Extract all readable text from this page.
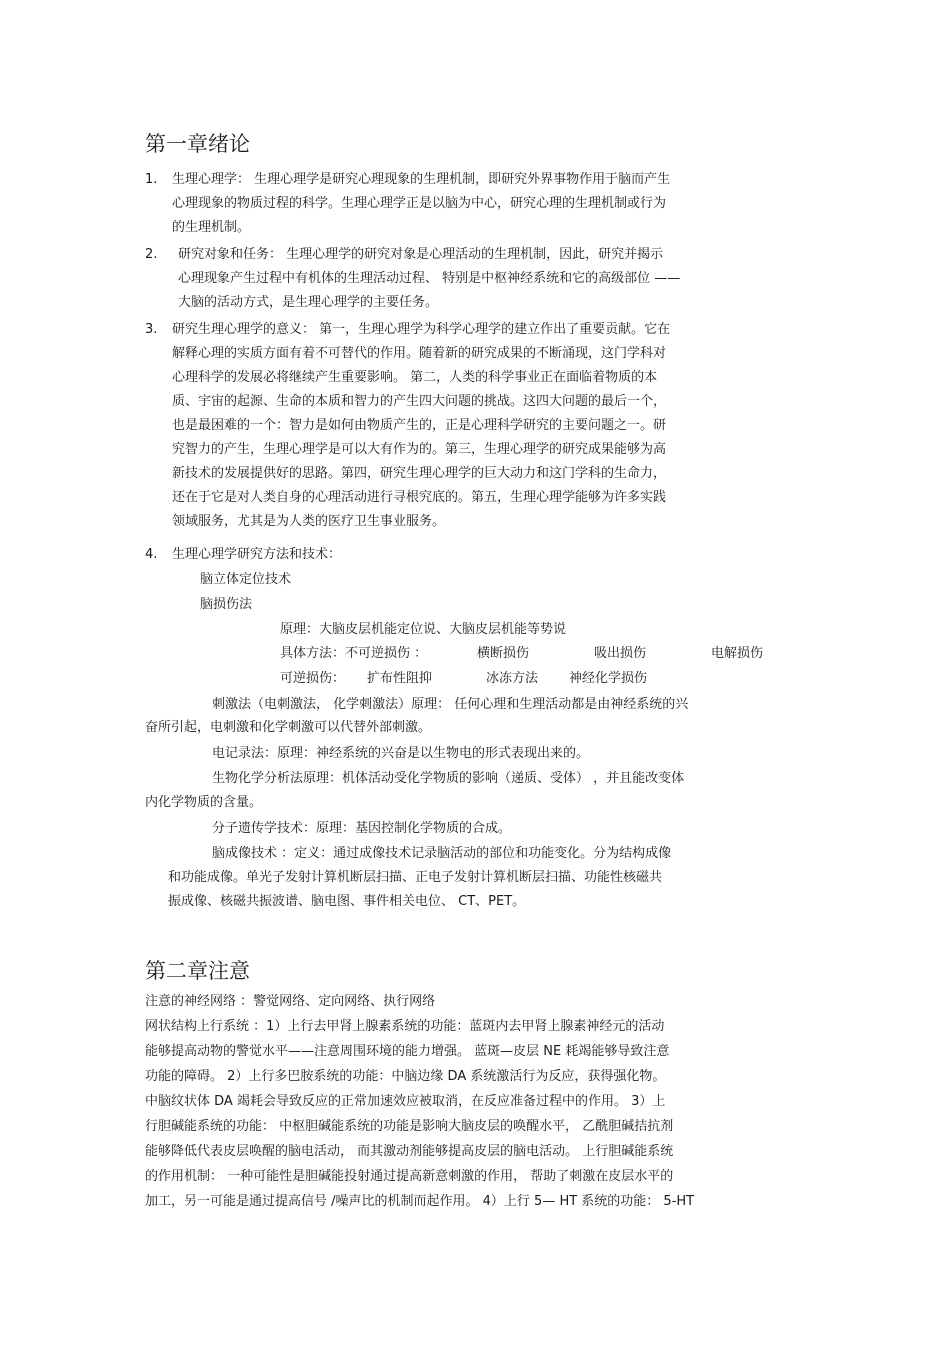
第一章绪论
1. 生理心理学： 生理心理学是研究心理现象的生理机制，即研究外界事物作用于脑而产生
心理现象的物质过程的科学。生理心理学正是以脑为中心，研究心理的生理机制或行为
的生理机制。
2. 研究对象和任务： 生理心理学的研究对象是心理活动的生理机制，因此，研究并揭示
心理现象产生过程中有机体的生理活动过程、 特别是中枢神经系统和它的高级部位 ——
大脑的活动方式，是生理心理学的主要任务。
3. 研究生理心理学的意义： 第一，生理心理学为科学心理学的建立作出了重要贡献。它在
解释心理的实质方面有着不可替代的作用。随着新的研究成果的不断涌现，这门学科对
心理科学的发展必将继续产生重要影响。 第二，人类的科学事业正在面临着物质的本
质、宇宙的起源、生命的本质和智力的产生四大问题的挑战。这四大问题的最后一个，
也是最困难的一个：智力是如何由物质产生的，正是心理科学研究的主要问题之一。研
究智力的产生，生理心理学是可以大有作为的。第三，生理心理学的研究成果能够为高
新技术的发展提供好的思路。第四，研究生理心理学的巨大动力和这门学科的生命力，
还在于它是对人类自身的心理活动进行寻根究底的。第五，生理心理学能够为许多实践
领域服务，尤其是为人类的医疗卫生事业服务。
4. 生理心理学研究方法和技术：
脑立体定位技术
脑损伤法
原理：大脑皮层机能定位说、大脑皮层机能等势说
具体方法：不可逆损伤 ：	横断损伤	吸出损伤	电解损伤
可逆损伤： 扩布性阻抑	冰冻方法 神经化学损伤
刺激法（电刺激法， 化学刺激法）原理： 任何心理和生理活动都是由神经系统的兴
奋所引起，电刺激和化学刺激可以代替外部刺激。
电记录法：原理：神经系统的兴奋是以生物电的形式表现出来的。
生物化学分析法原理：机体活动受化学物质的影响（递质、受体） ，并且能改变体
内化学物质的含量。
分子遗传学技术：原理：基因控制化学物质的合成。
脑成像技术 ：定义：通过成像技术记录脑活动的部位和功能变化。分为结构成像
和功能成像。单光子发射计算机断层扫描、正电子发射计算机断层扫描、功能性核磁共
振成像、核磁共振波谱、脑电图、事件相关电位、 CT、PET。
第二章注意
注意的神经网络 ：警觉网络、定向网络、执行网络
网状结构上行系统 ：1）上行去甲肾上腺素系统的功能：蓝斑内去甲肾上腺素神经元的活动
能够提高动物的警觉水平——注意周围环境的能力增强。 蓝斑—皮层 NE 耗竭能够导致注意
功能的障碍。 2）上行多巴胺系统的功能：中脑边缘 DA 系统激活行为反应，获得强化物。
中脑纹状体 DA 竭耗会导致反应的正常加速效应被取消，在反应准备过程中的作用。 3）上
行胆碱能系统的功能： 中枢胆碱能系统的功能是影响大脑皮层的唤醒水平， 乙酰胆碱拮抗剂
能够降低代表皮层唤醒的脑电活动， 而其激动剂能够提高皮层的脑电活动。 上行胆碱能系统
的作用机制： 一种可能性是胆碱能投射通过提高新意刺激的作用， 帮助了刺激在皮层水平的
加工，另一可能是通过提高信号 /噪声比的机制而起作用。 4）上行 5— HT 系统的功能： 5-HT
